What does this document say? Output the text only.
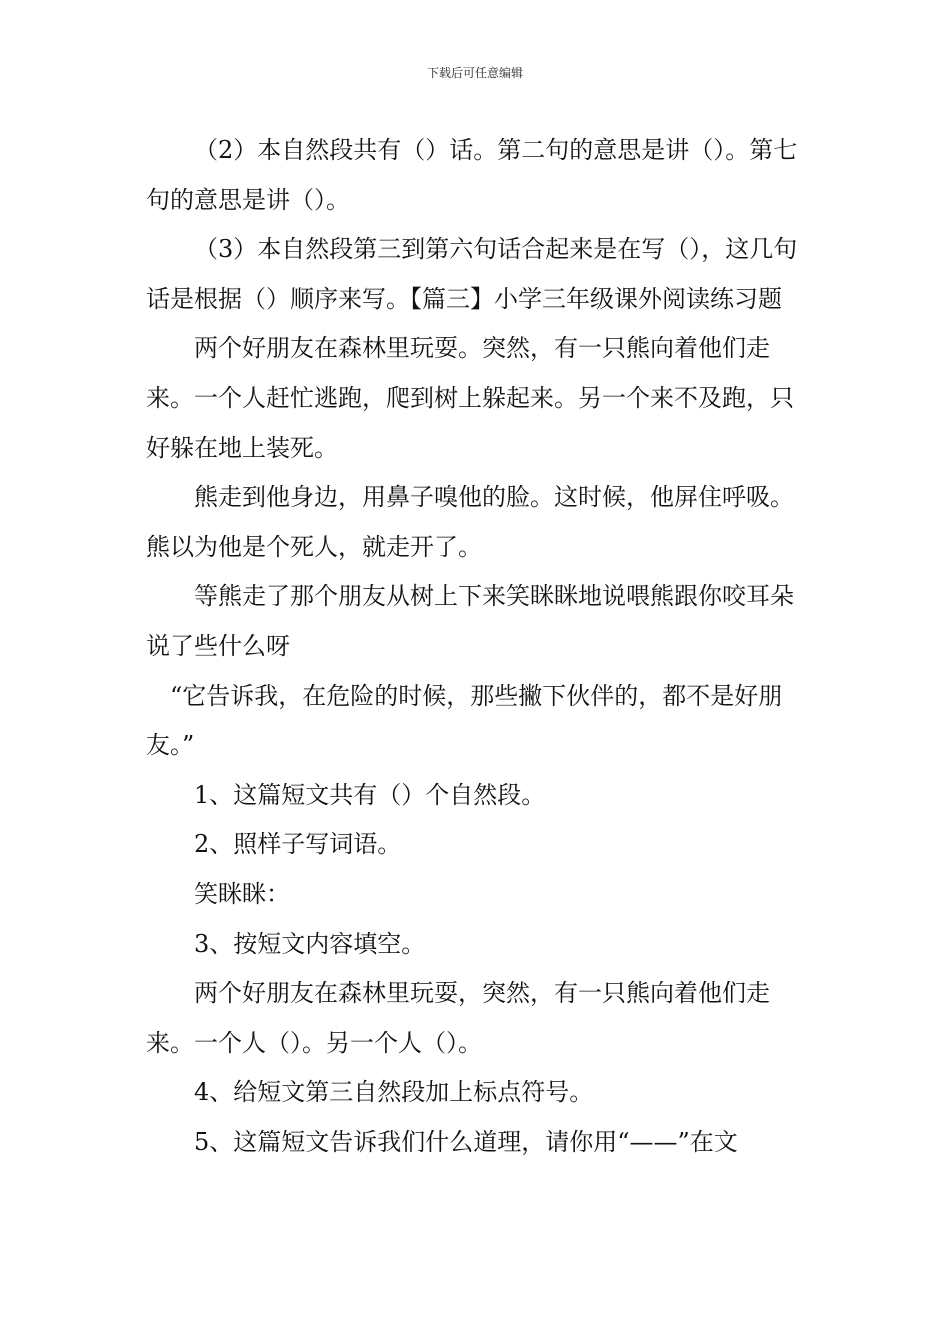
下载后可任意编辑

（2）本自然段共有（）话。第二句的意思是讲（）。第七句的意思是讲（）。

（3）本自然段第三到第六句话合起来是在写（），这几句话是根据（）顺序来写。【篇三】小学三年级课外阅读练习题

两个好朋友在森林里玩耍。突然，有一只熊向着他们走来。一个人赶忙逃跑，爬到树上躲起来。另一个来不及跑，只好躲在地上装死。

熊走到他身边，用鼻子嗅他的脸。这时候，他屏住呼吸。熊以为他是个死人，就走开了。

等熊走了那个朋友从树上下来笑眯眯地说喂熊跟你咬耳朵说了些什么呀

“它告诉我，在危险的时候，那些撇下伙伴的，都不是好朋友。”

1、这篇短文共有（）个自然段。

2、照样子写词语。

笑眯眯：

3、按短文内容填空。

两个好朋友在森林里玩耍，突然，有一只熊向着他们走来。一个人（）。另一个人（）。

4、给短文第三自然段加上标点符号。

5、这篇短文告诉我们什么道理，请你用“——”在文
